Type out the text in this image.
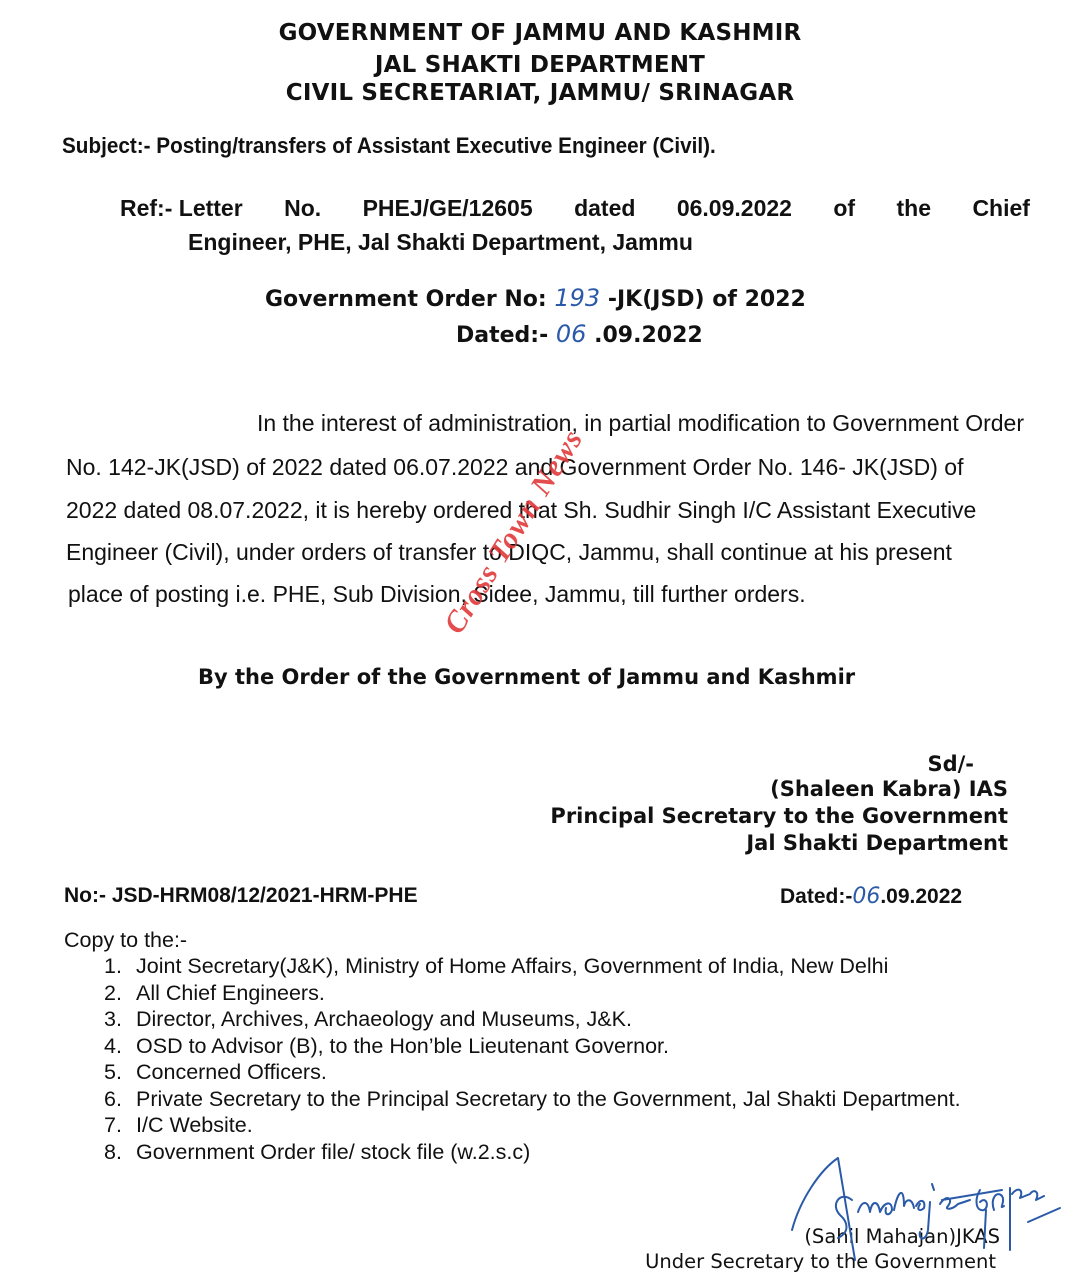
GOVERNMENT OF JAMMU AND KASHMIR
JAL SHAKTI DEPARTMENT
CIVIL SECRETARIAT, JAMMU/ SRINAGAR
Subject:- Posting/transfers of Assistant Executive Engineer (Civil).
Ref:- Letter No. PHEJ/GE/12605 dated 06.09.2022 of the Chief
Engineer, PHE, Jal Shakti Department, Jammu
Government Order No: 193 -JK(JSD) of 2022
Dated:- 06 .09.2022
In the interest of administration, in partial modification to Government Order
No. 142-JK(JSD) of 2022 dated 06.07.2022 and Government Order No. 146- JK(JSD) of
2022 dated 08.07.2022, it is hereby ordered that Sh. Sudhir Singh I/C Assistant Executive
Engineer (Civil), under orders of transfer to DIQC, Jammu, shall continue at his present
place of posting i.e. PHE, Sub Division, Sidee, Jammu, till further orders.
Cross Town News
By the Order of the Government of Jammu and Kashmir
Sd/-
(Shaleen Kabra) IAS
Principal Secretary to the Government
Jal Shakti Department
No:- JSD-HRM08/12/2021-HRM-PHE	Dated:-06.09.2022
Copy to the:-
1. Joint Secretary(J&K), Ministry of Home Affairs, Government of India, New Delhi
2. All Chief Engineers.
3. Director, Archives, Archaeology and Museums, J&K.
4. OSD to Advisor (B), to the Hon’ble Lieutenant Governor.
5. Concerned Officers.
6. Private Secretary to the Principal Secretary to the Government, Jal Shakti Department.
7. I/C Website.
8. Government Order file/ stock file (w.2.s.c)
(Sahil Mahajan)JKAS
Under Secretary to the Government
